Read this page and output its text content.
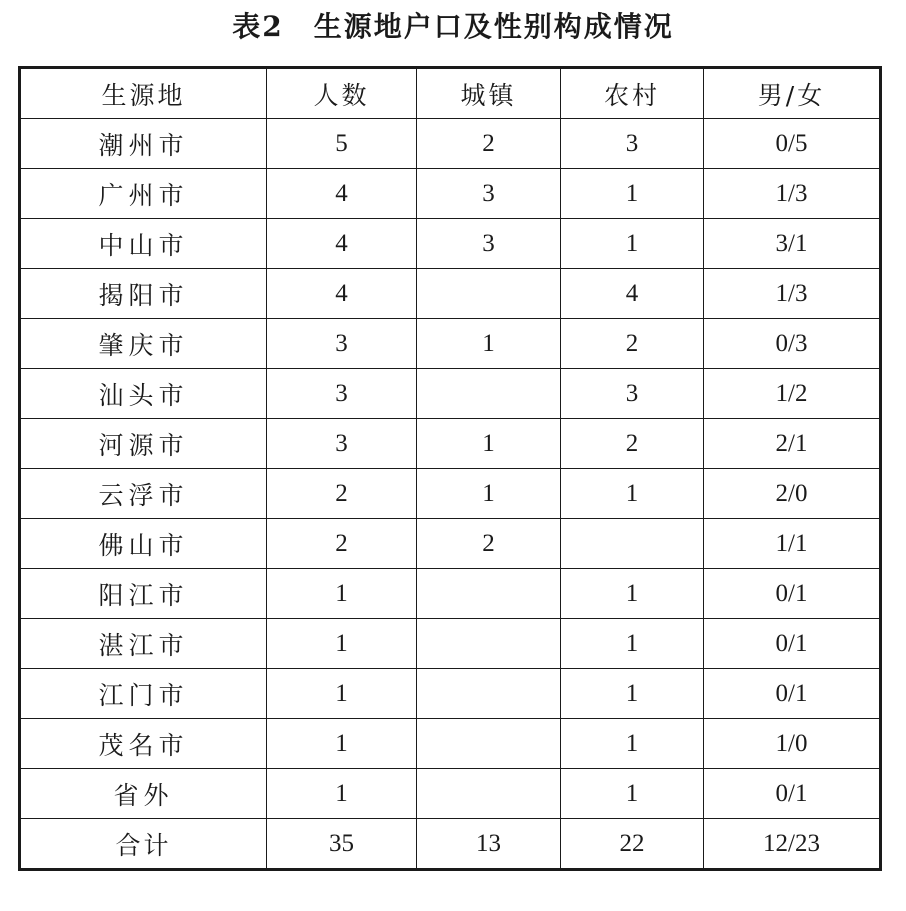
表2　生源地户口及性别构成情况
生源地	人数	城镇	农村	男/女
潮州市	5	2	3	0/5
广州市	4	3	1	1/3
中山市	4	3	1	3/1
揭阳市	4		4	1/3
肇庆市	3	1	2	0/3
汕头市	3		3	1/2
河源市	3	1	2	2/1
云浮市	2	1	1	2/0
佛山市	2	2		1/1
阳江市	1		1	0/1
湛江市	1		1	0/1
江门市	1		1	0/1
茂名市	1		1	1/0
省外	1		1	0/1
合计	35	13	22	12/23
